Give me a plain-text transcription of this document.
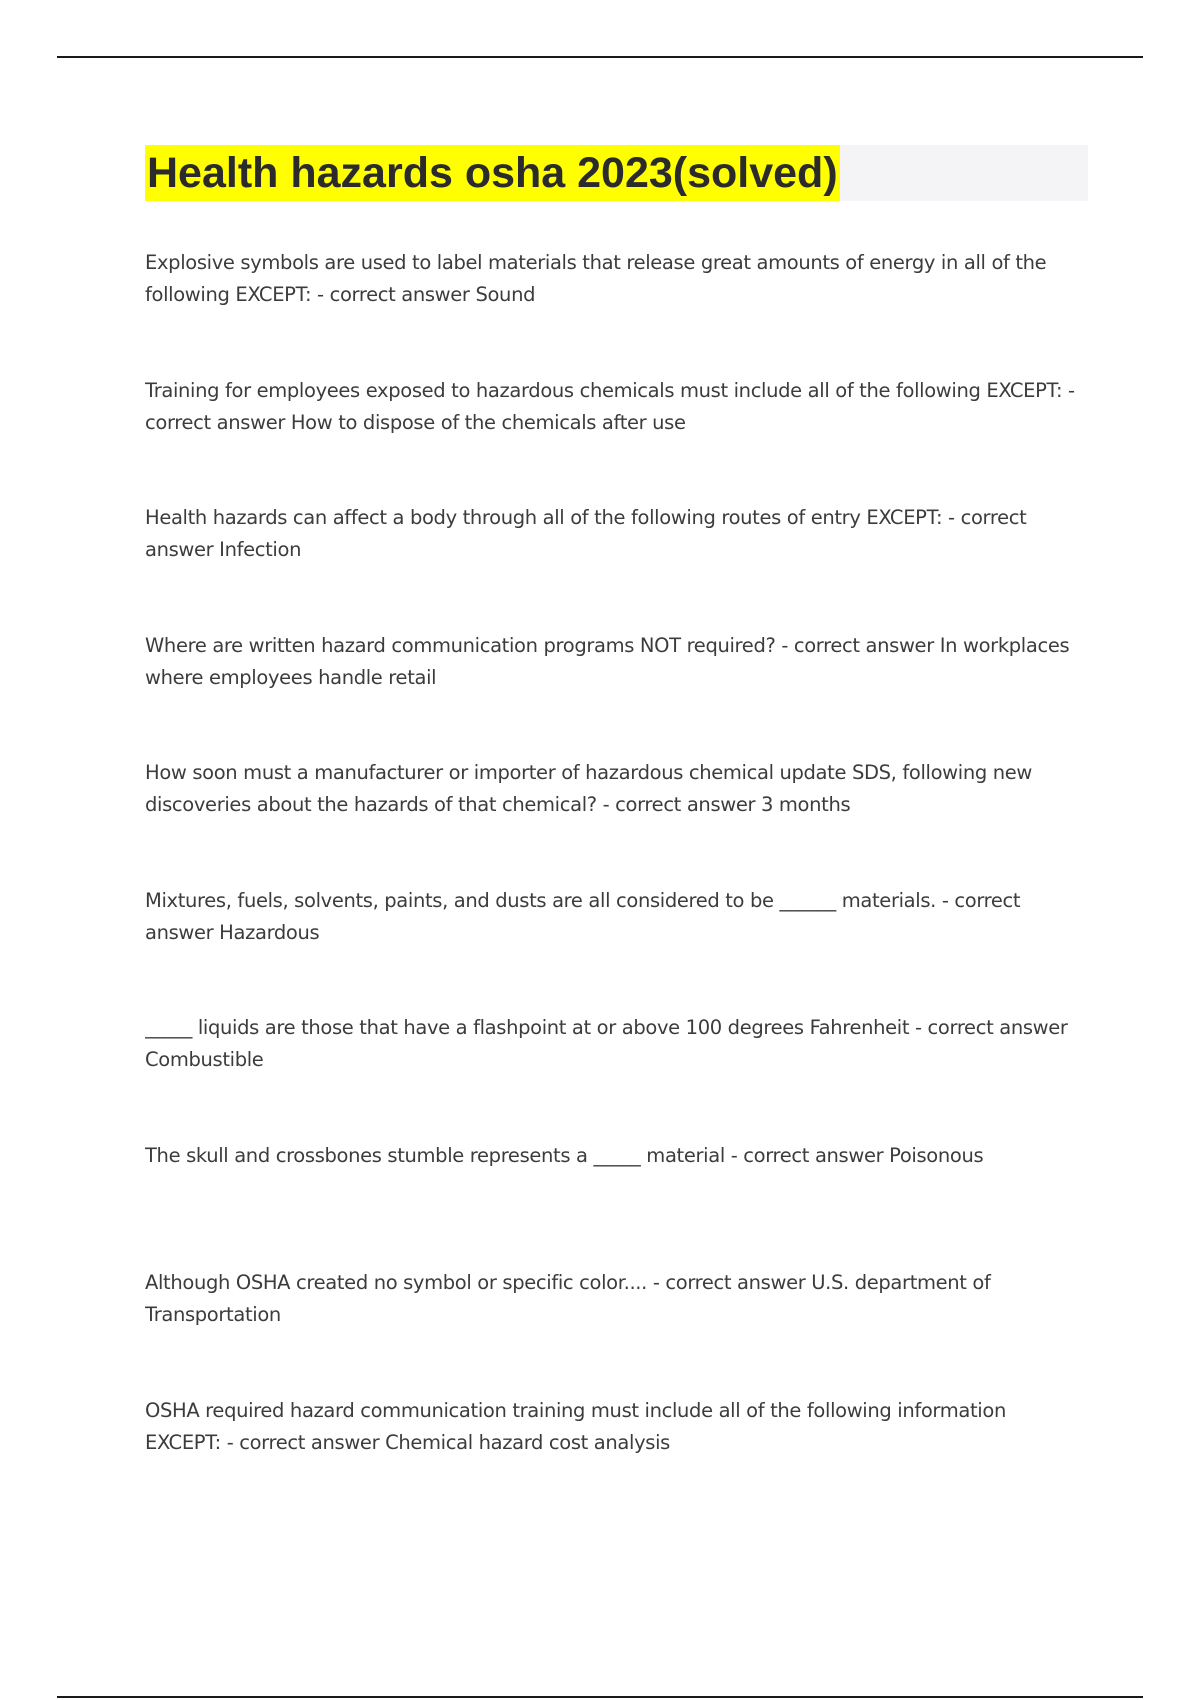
Health hazards osha 2023(solved)
Explosive symbols are used to label materials that release great amounts of energy in all of the following EXCEPT: - correct answer Sound
Training for employees exposed to hazardous chemicals must include all of the following EXCEPT: - correct answer How to dispose of the chemicals after use
Health hazards can affect a body through all of the following routes of entry EXCEPT: - correct answer Infection
Where are written hazard communication programs NOT required? - correct answer In workplaces where employees handle retail
How soon must a manufacturer or importer of hazardous chemical update SDS, following new discoveries about the hazards of that chemical? - correct answer 3 months
Mixtures, fuels, solvents, paints, and dusts are all considered to be ______ materials. - correct answer Hazardous
_____ liquids are those that have a flashpoint at or above 100 degrees Fahrenheit - correct answer Combustible
The skull and crossbones stumble represents a _____ material - correct answer Poisonous
Although OSHA created no symbol or specific color.... - correct answer U.S. department of Transportation
OSHA required hazard communication training must include all of the following information EXCEPT: - correct answer Chemical hazard cost analysis
